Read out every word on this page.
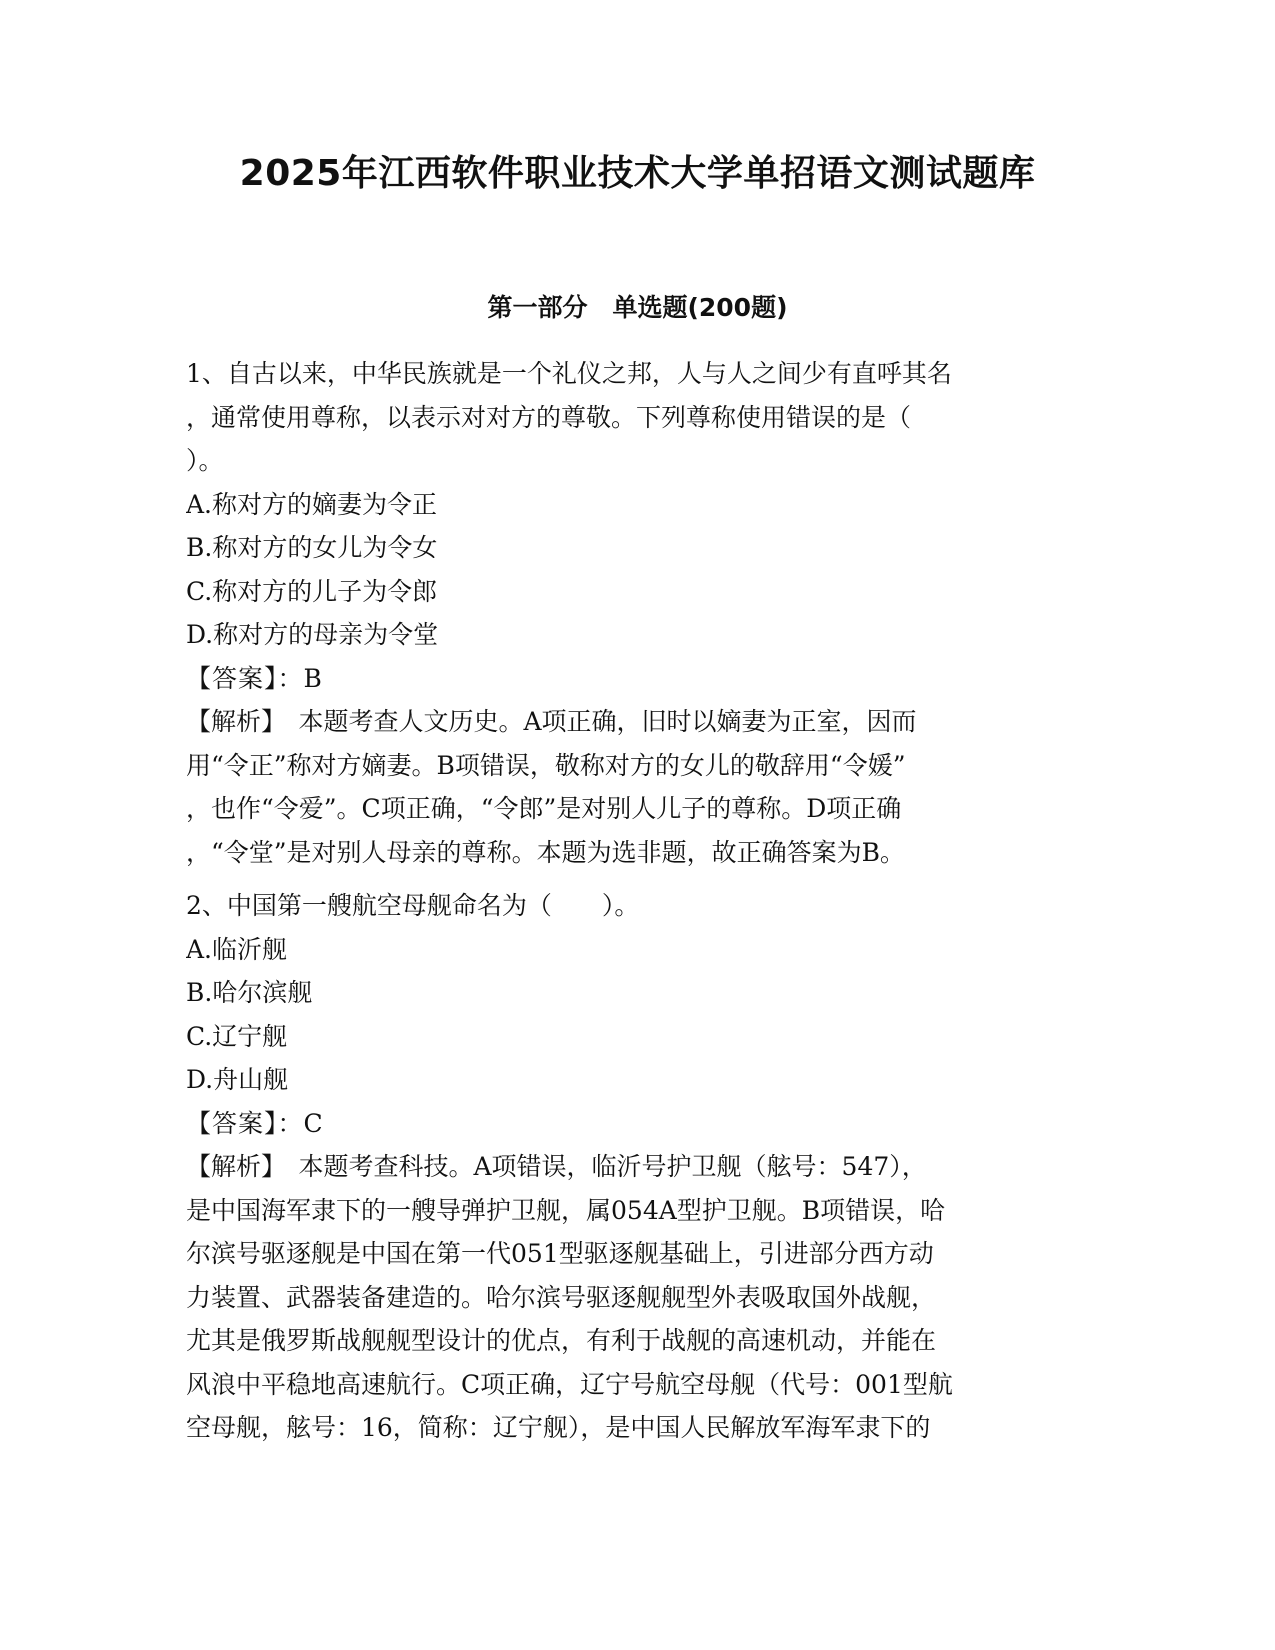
2025年江西软件职业技术大学单招语文测试题库
第一部分　单选题(200题)
1、自古以来，中华民族就是一个礼仪之邦，人与人之间少有直呼其名
，通常使用尊称，以表示对对方的尊敬。下列尊称使用错误的是（
）。
A.称对方的嫡妻为令正
B.称对方的女儿为令女
C.称对方的儿子为令郎
D.称对方的母亲为令堂
【答案】：B
【解析】　本题考查人文历史。A项正确，旧时以嫡妻为正室，因而
用“令正”称对方嫡妻。B项错误，敬称对方的女儿的敬辞用“令媛”
，也作“令爱”。C项正确，“令郎”是对别人儿子的尊称。D项正确
，“令堂”是对别人母亲的尊称。本题为选非题，故正确答案为B。
2、中国第一艘航空母舰命名为（　　）。
A.临沂舰
B.哈尔滨舰
C.辽宁舰
D.舟山舰
【答案】：C
【解析】　本题考查科技。A项错误，临沂号护卫舰（舷号：547），
是中国海军隶下的一艘导弹护卫舰，属054A型护卫舰。B项错误，哈
尔滨号驱逐舰是中国在第一代051型驱逐舰基础上，引进部分西方动
力装置、武器装备建造的。哈尔滨号驱逐舰舰型外表吸取国外战舰，
尤其是俄罗斯战舰舰型设计的优点，有利于战舰的高速机动，并能在
风浪中平稳地高速航行。C项正确，辽宁号航空母舰（代号：001型航
空母舰，舷号：16，简称：辽宁舰），是中国人民解放军海军隶下的
